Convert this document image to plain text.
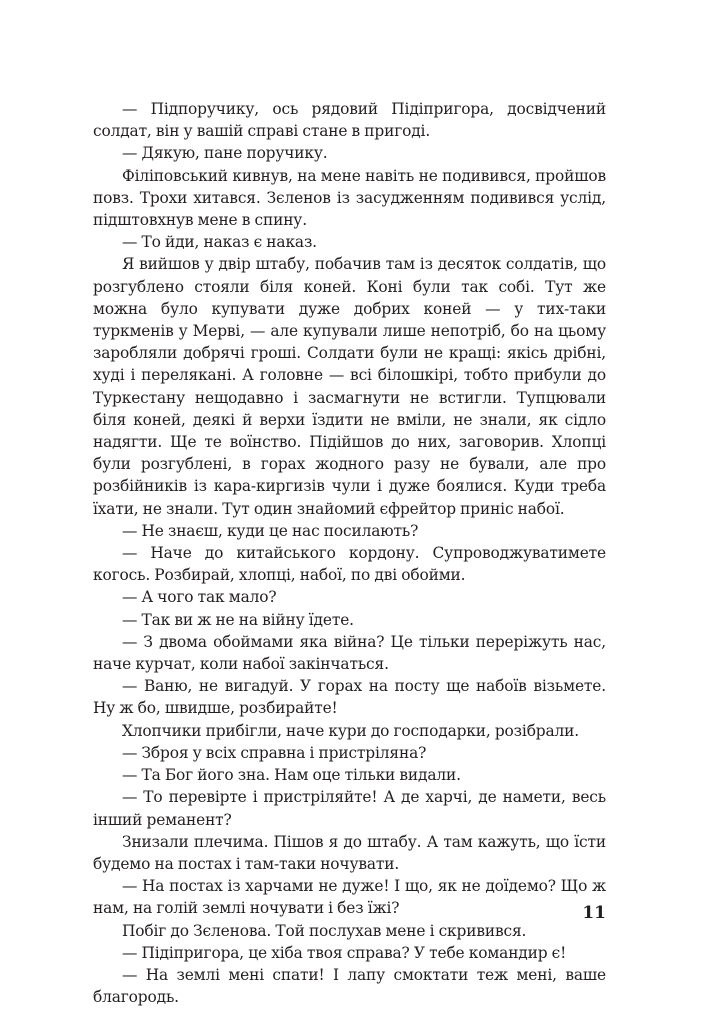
— Підпоручику, ось рядовий Підіпригора, досвідчений солдат, він у вашій справі стане в пригоді.

— Дякую, пане поручику.

Філіповський кивнув, на мене навіть не подивився, пройшов повз. Трохи хитався. Зєленов із засудженням подивився услід, підштовхнув мене в спину.

— То йди, наказ є наказ.

Я вийшов у двір штабу, побачив там із десяток солдатів, що розгублено стояли біля коней. Коні були так собі. Тут же можна було купувати дуже добрих коней — у тих-таки туркменів у Мерві, — але купували лише непотріб, бо на цьому заробляли добрячі гроші. Солдати були не кращі: якісь дрібні, худі і переляканi. А головне — всі білошкірі, тобто прибули до Туркестану нещодавно і засмагнути не встигли. Тупцювали біля коней, деякі й верхи їздити не вміли, не знали, як сідло надягти. Ще те воїнство. Підійшов до них, заговорив. Хлопці були розгублені, в горах жодного разу не бували, але про розбійників із кара-киргизів чули і дуже боялися. Куди треба їхати, не знали. Тут один знайомий єфрейтор приніс набої.

— Не знаєш, куди це нас посилають?

— Наче до китайського кордону. Супроводжуватимете когось. Розбирай, хлопці, набої, по дві обойми.

— А чого так мало?

— Так ви ж не на війну їдете.

— З двома обоймами яка війна? Це тільки переріжуть нас, наче курчат, коли набої закінчаться.

— Ваню, не вигадуй. У горах на посту ще набоїв візьмете. Ну ж бо, швидше, розбирайте!

Хлопчики прибігли, наче кури до господарки, розібрали.

— Зброя у всіх справна і пристріляна?

— Та Бог його зна. Нам оце тільки видали.

— То перевірте і пристріляйте! А де харчі, де намети, весь інший реманент?

Знизали плечима. Пішов я до штабу. А там кажуть, що їсти будемо на постах і там-таки ночувати.

— На постах із харчами не дуже! І що, як не доїдемо? Що ж нам, на голій землі ночувати і без їжі?

Побіг до Зєленова. Той послухав мене і скривився.

— Підіпригора, це хіба твоя справа? У тебе командир є!

— На землі мені спати! І лапу смоктати теж мені, ваше благородь.

11
